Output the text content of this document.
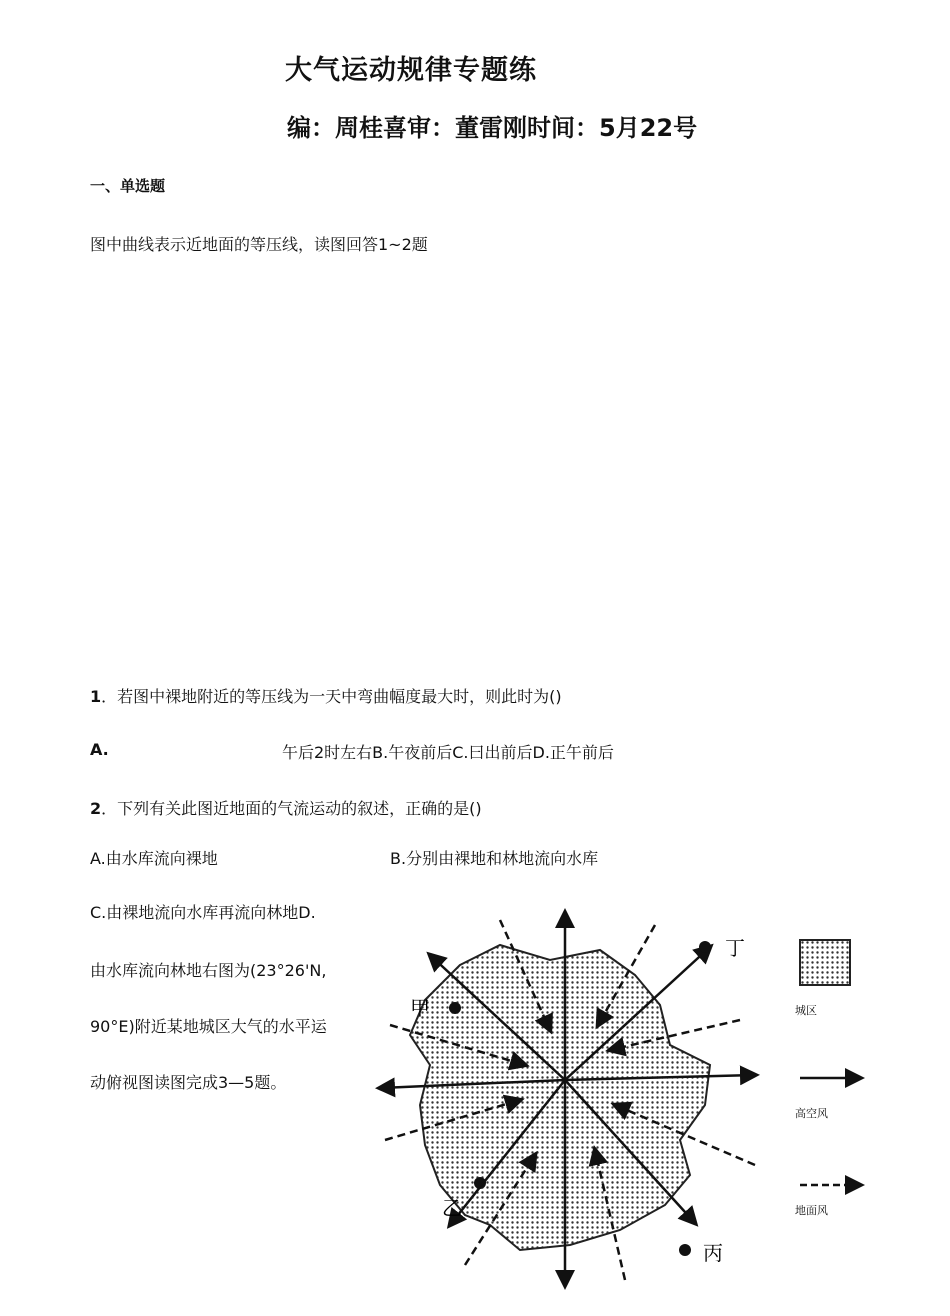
大气运动规律专题练
编：周桂喜审：董雷刚时间：5月22号
一、单选题
图中曲线表示近地面的等压线，读图回答1~2题
1．若图中裸地附近的等压线为一天中弯曲幅度最大时，则此时为()
A.	午后2时左右B.午夜前后C.曰出前后D.正午前后
2．下列有关此图近地面的气流运动的叙述，正确的是()
A.由水库流向裸地	B.分别由裸地和林地流向水库
C.由裸地流向水库再流向林地D.
由水库流向林地右图为(23°26'N,
90°E)附近某地城区大气的水平运
动俯视图读图完成3—5题。
甲
丁
乙
丙
城区
高空风
地面风
